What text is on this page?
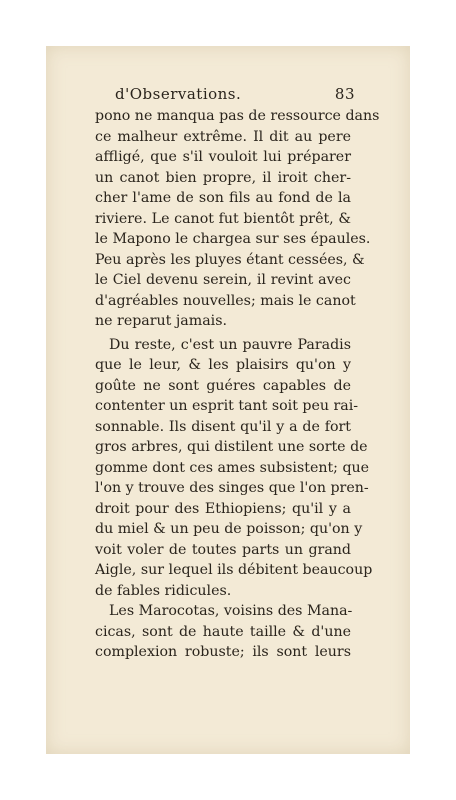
d'Observations.	83
pono ne manqua pas de ressource dans
ce malheur extrême. Il dit au pere
affligé, que s'il vouloit lui préparer
un canot bien propre, il iroit cher-
cher l'ame de son fils au fond de la
riviere. Le canot fut bientôt prêt, &
le Mapono le chargea sur ses épaules.
Peu après les pluyes étant cessées, &
le Ciel devenu serein, il revint avec
d'agréables nouvelles; mais le canot
ne reparut jamais.
Du reste, c'est un pauvre Paradis
que le leur, & les plaisirs qu'on y
goûte ne sont guéres capables de
contenter un esprit tant soit peu rai-
sonnable. Ils disent qu'il y a de fort
gros arbres, qui distilent une sorte de
gomme dont ces ames subsistent; que
l'on y trouve des singes que l'on pren-
droit pour des Ethiopiens; qu'il y a
du miel & un peu de poisson; qu'on y
voit voler de toutes parts un grand
Aigle, sur lequel ils débitent beaucoup
de fables ridicules.
Les Marocotas, voisins des Mana-
cicas, sont de haute taille & d'une
complexion robuste; ils sont leurs
